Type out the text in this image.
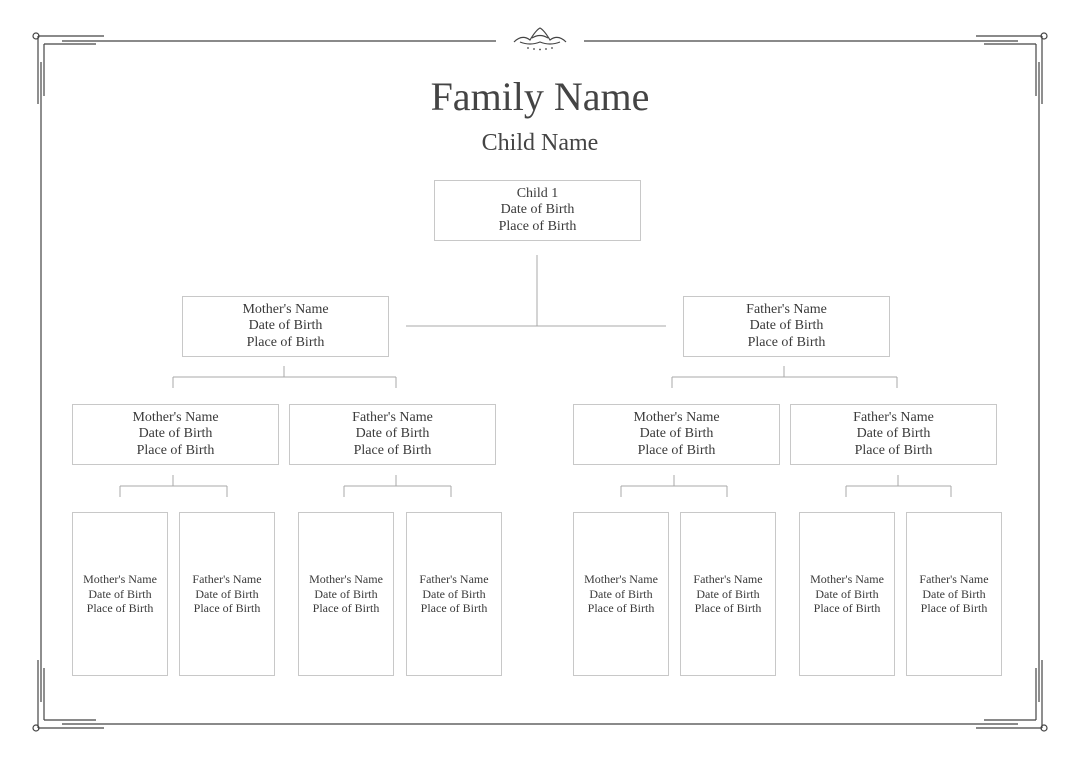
Family Name
Child Name
Child 1
Date of Birth
Place of Birth
Mother's Name
Date of Birth
Place of Birth
Father's Name
Date of Birth
Place of Birth
Mother's Name
Date of Birth
Place of Birth
Father's Name
Date of Birth
Place of Birth
Mother's Name
Date of Birth
Place of Birth
Father's Name
Date of Birth
Place of Birth
Mother's Name
Date of Birth
Place of Birth
Father's Name
Date of Birth
Place of Birth
Mother's Name
Date of Birth
Place of Birth
Father's Name
Date of Birth
Place of Birth
Mother's Name
Date of Birth
Place of Birth
Father's Name
Date of Birth
Place of Birth
Mother's Name
Date of Birth
Place of Birth
Father's Name
Date of Birth
Place of Birth
